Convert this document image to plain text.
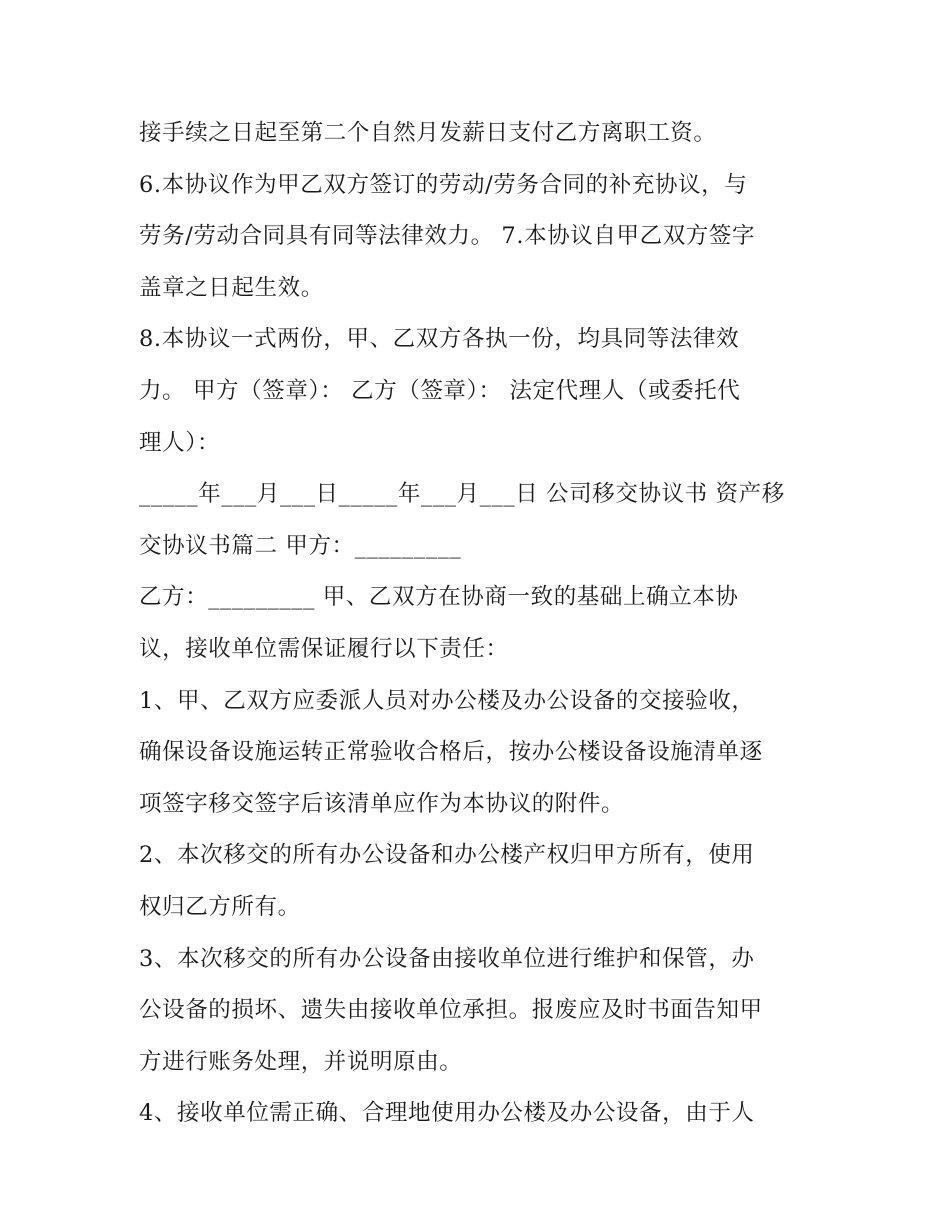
接手续之日起至第二个自然月发薪日支付乙方离职工资。
6.本协议作为甲乙双方签订的劳动/劳务合同的补充协议，与
劳务/劳动合同具有同等法律效力。 7.本协议自甲乙双方签字
盖章之日起生效。
8.本协议一式两份，甲、乙双方各执一份，均具同等法律效
力。 甲方（签章）： 乙方（签章）： 法定代理人（或委托代
理人）：
_____年___月___日_____年___月___日 公司移交协议书 资产移
交协议书篇二 甲方：_________
乙方：_________ 甲、乙双方在协商一致的基础上确立本协
议，接收单位需保证履行以下责任：
1、甲、乙双方应委派人员对办公楼及办公设备的交接验收，
确保设备设施运转正常验收合格后，按办公楼设备设施清单逐
项签字移交签字后该清单应作为本协议的附件。
2、本次移交的所有办公设备和办公楼产权归甲方所有，使用
权归乙方所有。
3、本次移交的所有办公设备由接收单位进行维护和保管，办
公设备的损坏、遗失由接收单位承担。报废应及时书面告知甲
方进行账务处理，并说明原由。
4、接收单位需正确、合理地使用办公楼及办公设备，由于人
